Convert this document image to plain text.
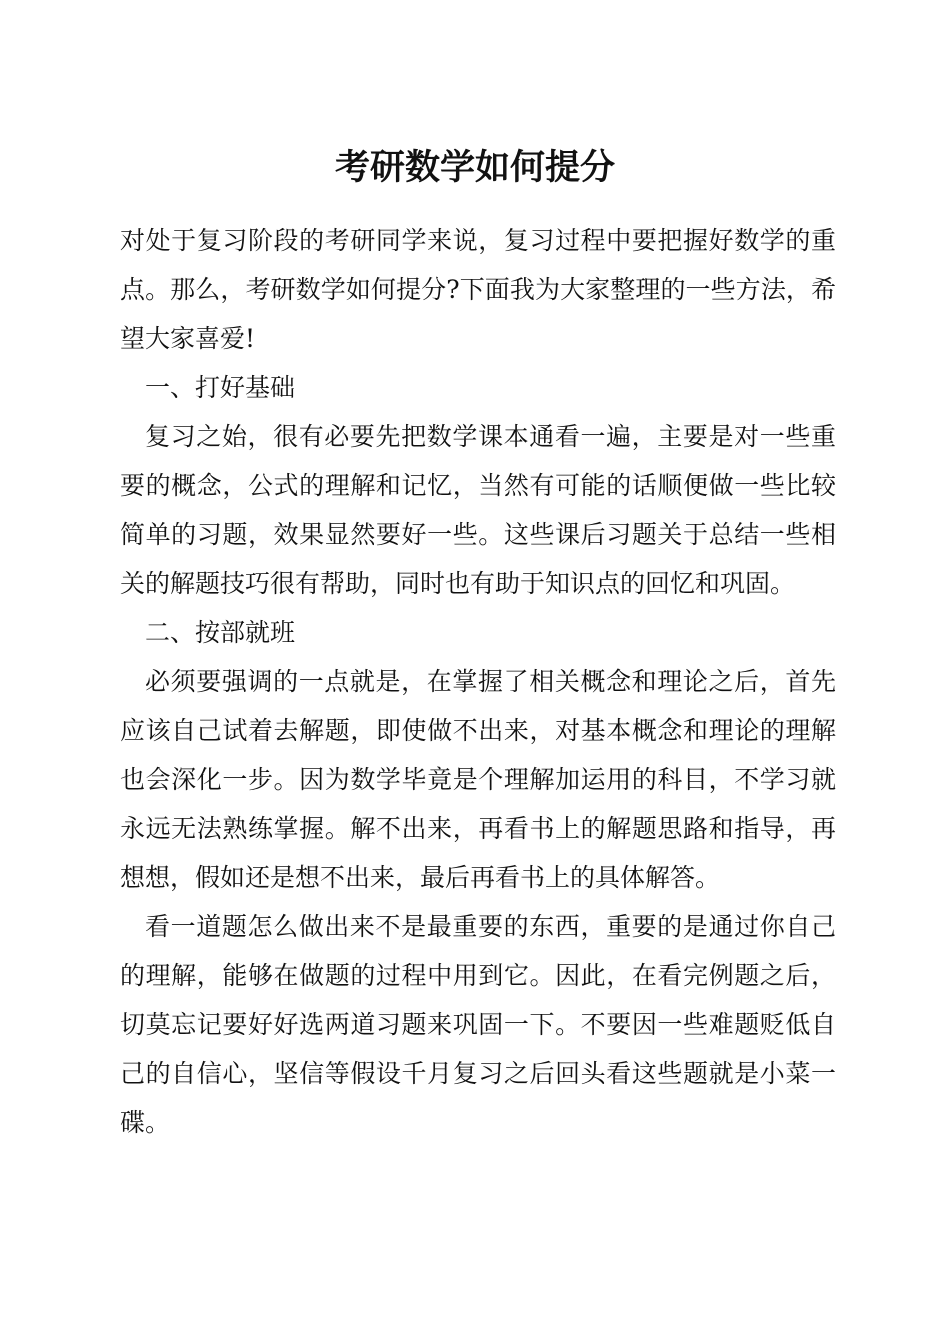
考研数学如何提分

对处于复习阶段的考研同学来说，复习过程中要把握好数学的重点。那么，考研数学如何提分?下面我为大家整理的一些方法，希望大家喜爱!

一、打好基础

复习之始，很有必要先把数学课本通看一遍，主要是对一些重要的概念，公式的理解和记忆，当然有可能的话顺便做一些比较简单的习题，效果显然要好一些。这些课后习题关于总结一些相关的解题技巧很有帮助，同时也有助于知识点的回忆和巩固。

二、按部就班

必须要强调的一点就是，在掌握了相关概念和理论之后，首先应该自己试着去解题，即使做不出来，对基本概念和理论的理解也会深化一步。因为数学毕竟是个理解加运用的科目，不学习就永远无法熟练掌握。解不出来，再看书上的解题思路和指导，再想想，假如还是想不出来，最后再看书上的具体解答。

看一道题怎么做出来不是最重要的东西，重要的是通过你自己的理解，能够在做题的过程中用到它。因此，在看完例题之后，切莫忘记要好好选两道习题来巩固一下。不要因一些难题贬低自己的自信心，坚信等假设千月复习之后回头看这些题就是小菜一碟。
